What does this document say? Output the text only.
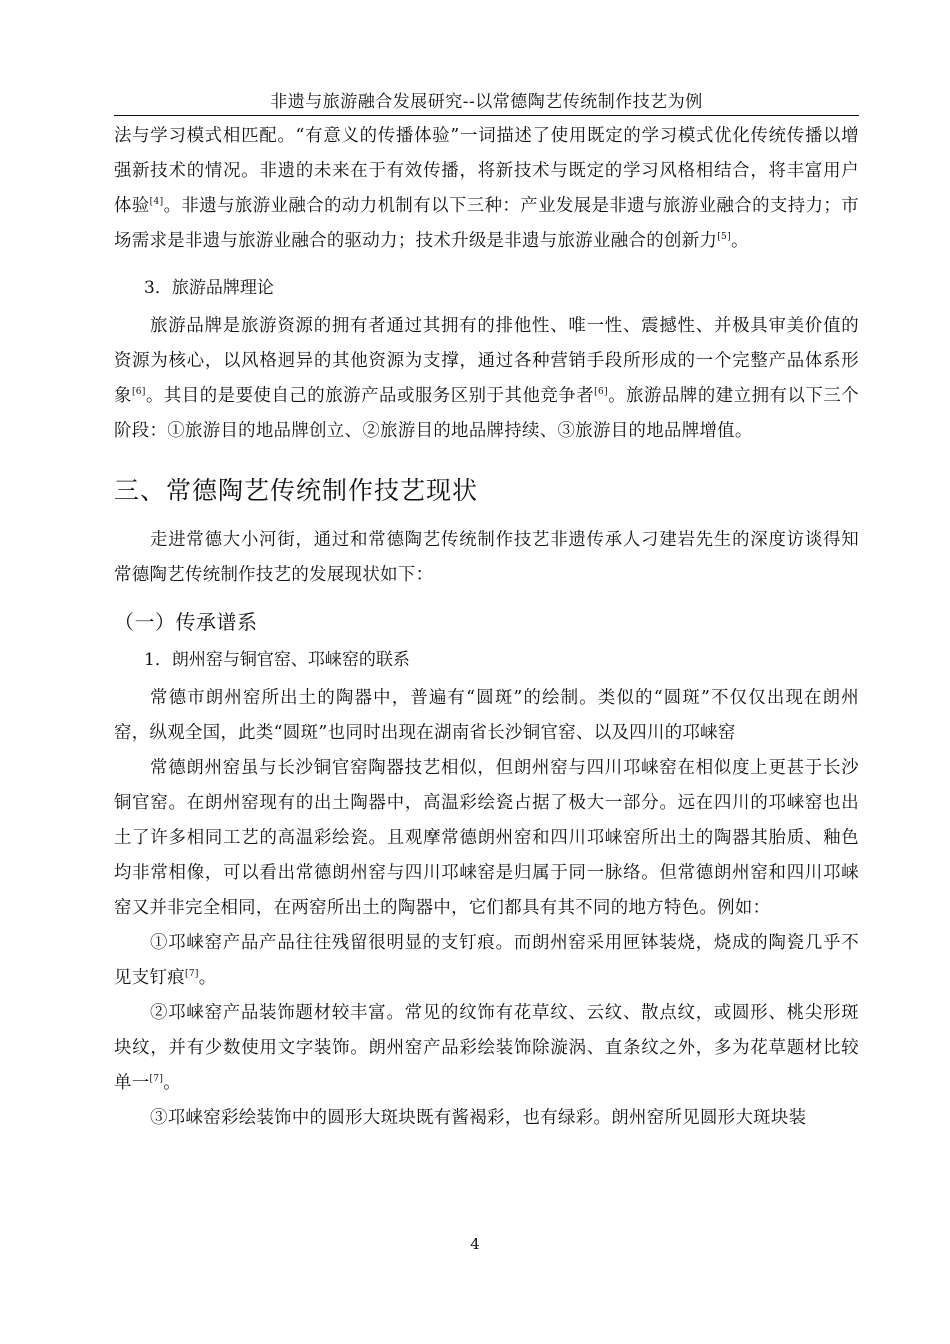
非遗与旅游融合发展研究--以常德陶艺传统制作技艺为例

法与学习模式相匹配。“有意义的传播体验”一词描述了使用既定的学习模式优化传统传播以增强新技术的情况。非遗的未来在于有效传播，将新技术与既定的学习风格相结合，将丰富用户体验[4]。非遗与旅游业融合的动力机制有以下三种：产业发展是非遗与旅游业融合的支持力；市场需求是非遗与旅游业融合的驱动力；技术升级是非遗与旅游业融合的创新力[5]。

3．旅游品牌理论

旅游品牌是旅游资源的拥有者通过其拥有的排他性、唯一性、震撼性、并极具审美价值的资源为核心，以风格迥异的其他资源为支撑，通过各种营销手段所形成的一个完整产品体系形象[6]。其目的是要使自己的旅游产品或服务区别于其他竞争者[6]。旅游品牌的建立拥有以下三个阶段：①旅游目的地品牌创立、②旅游目的地品牌持续、③旅游目的地品牌增值。

三、常德陶艺传统制作技艺现状

走进常德大小河街，通过和常德陶艺传统制作技艺非遗传承人刁建岩先生的深度访谈得知常德陶艺传统制作技艺的发展现状如下：

（一）传承谱系
1．朗州窑与铜官窑、邛崃窑的联系

常德市朗州窑所出土的陶器中，普遍有“圆斑”的绘制。类似的“圆斑”不仅仅出现在朗州窑，纵观全国，此类“圆斑”也同时出现在湖南省长沙铜官窑、以及四川的邛崃窑

常德朗州窑虽与长沙铜官窑陶器技艺相似，但朗州窑与四川邛崃窑在相似度上更甚于长沙铜官窑。在朗州窑现有的出土陶器中，高温彩绘瓷占据了极大一部分。远在四川的邛崃窑也出土了许多相同工艺的高温彩绘瓷。且观摩常德朗州窑和四川邛崃窑所出土的陶器其胎质、釉色均非常相像，可以看出常德朗州窑与四川邛崃窑是归属于同一脉络。但常德朗州窑和四川邛崃窑又并非完全相同，在两窑所出土的陶器中，它们都具有其不同的地方特色。例如：

①邛崃窑产品产品往往残留很明显的支钉痕。而朗州窑采用匣钵装烧，烧成的陶瓷几乎不见支钉痕[7]。

②邛崃窑产品装饰题材较丰富。常见的纹饰有花草纹、云纹、散点纹，或圆形、桃尖形斑块纹，并有少数使用文字装饰。朗州窑产品彩绘装饰除漩涡、直条纹之外，多为花草题材比较单一[7]。

③邛崃窑彩绘装饰中的圆形大斑块既有酱褐彩，也有绿彩。朗州窑所见圆形大斑块装

4
